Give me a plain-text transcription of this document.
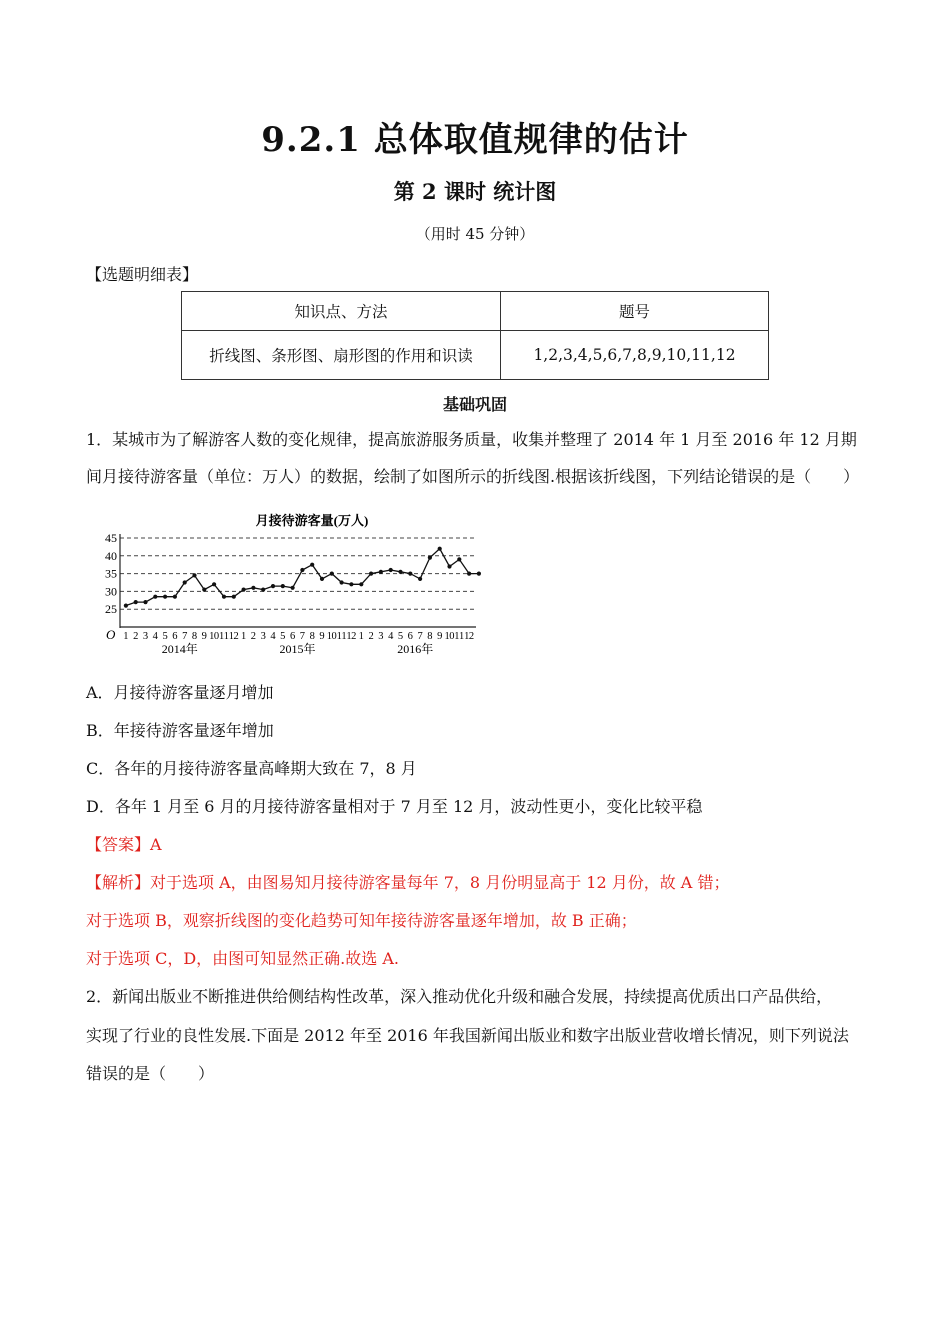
9.2.1 总体取值规律的估计
第 2 课时 统计图
（用时 45 分钟）
【选题明细表】
知识点、方法	题号
折线图、条形图、扇形图的作用和识读	1,2,3,4,5,6,7,8,9,10,11,12
基础巩固
1．某城市为了解游客人数的变化规律，提高旅游服务质量，收集并整理了 2014 年 1 月至 2016 年 12 月期
间月接待游客量（单位：万人）的数据，绘制了如图所示的折线图.根据该折线图，下列结论错误的是（　　）
月接待游客量(万人)
25
30
35
40
45
O 1 2 3 4 5 6 7 8 9 10 11 12 1 2 3 4 5 6 7 8 9 10 11 12 1 2 3 4 5 6 7 8 9 10 11 12
2014年	2015年	2016年
A．月接待游客量逐月增加
B．年接待游客量逐年增加
C．各年的月接待游客量高峰期大致在 7，8 月
D．各年 1 月至 6 月的月接待游客量相对于 7 月至 12 月，波动性更小，变化比较平稳
【答案】A
【解析】对于选项 A，由图易知月接待游客量每年 7，8 月份明显高于 12 月份，故 A 错；
对于选项 B，观察折线图的变化趋势可知年接待游客量逐年增加，故 B 正确；
对于选项 C，D，由图可知显然正确.故选 A.
2．新闻出版业不断推进供给侧结构性改革，深入推动优化升级和融合发展，持续提高优质出口产品供给，
实现了行业的良性发展.下面是 2012 年至 2016 年我国新闻出版业和数字出版业营收增长情况，则下列说法
错误的是（　　）
